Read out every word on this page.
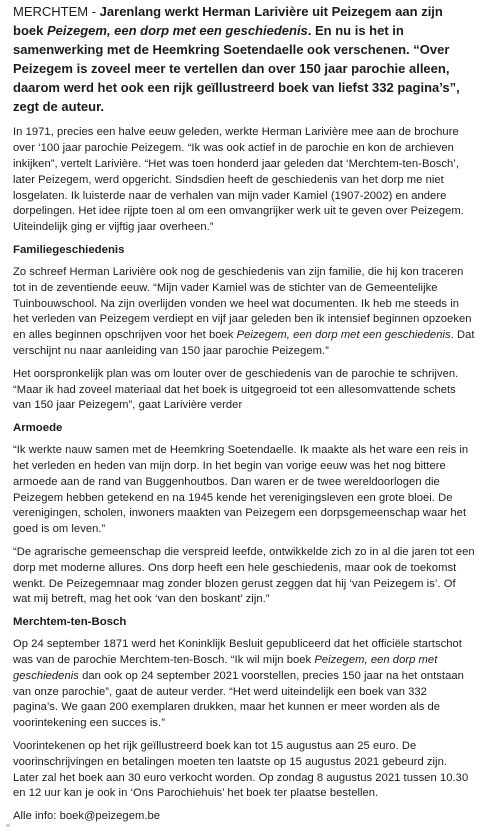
MERCHTEM - Jarenlang werkt Herman Larivière uit Peizegem aan zijn boek Peizegem, een dorp met een geschiedenis. En nu is het in samenwerking met de Heemkring Soetendaelle ook verschenen. “Over Peizegem is zoveel meer te vertellen dan over 150 jaar parochie alleen, daarom werd het ook een rijk geïllustreerd boek van liefst 332 pagina’s”, zegt de auteur.

In 1971, precies een halve eeuw geleden, werkte Herman Larivière mee aan de brochure over ‘100 jaar parochie Peizegem. “Ik was ook actief in de parochie en kon de archieven inkijken”, vertelt Larivière. “Het was toen honderd jaar geleden dat ‘Merchtem-ten-Bosch’, later Peizegem, werd opgericht. Sindsdien heeft de geschiedenis van het dorp me niet losgelaten. Ik luisterde naar de verhalen van mijn vader Kamiel (1907-2002) en andere dorpelingen. Het idee rijpte toen al om een omvangrijker werk uit te geven over Peizegem. Uiteindelijk ging er vijftig jaar overheen.”

Familiegeschiedenis

Zo schreef Herman Larivière ook nog de geschiedenis van zijn familie, die hij kon traceren tot in de zeventiende eeuw. “Mijn vader Kamiel was de stichter van de Gemeentelijke Tuinbouwschool. Na zijn overlijden vonden we heel wat documenten. Ik heb me steeds in het verleden van Peizegem verdiept en vijf jaar geleden ben ik intensief beginnen opzoeken en alles beginnen opschrijven voor het boek Peizegem, een dorp met een geschiedenis. Dat verschijnt nu naar aanleiding van 150 jaar parochie Peizegem.”

Het oorspronkelijk plan was om louter over de geschiedenis van de parochie te schrijven. “Maar ik had zoveel materiaal dat het boek is uitgegroeid tot een allesomvattende schets van 150 jaar Peizegem”, gaat Larivière verder

Armoede

“Ik werkte nauw samen met de Heemkring Soetendaelle. Ik maakte als het ware een reis in het verleden en heden van mijn dorp. In het begin van vorige eeuw was het nog bittere armoede aan de rand van Buggenhoutbos. Dan waren er de twee wereldoorlogen die Peizegem hebben getekend en na 1945 kende het verenigingsleven een grote bloei. De verenigingen, scholen, inwoners maakten van Peizegem een dorpsgemeenschap waar het goed is om leven.”

“De agrarische gemeenschap die verspreid leefde, ontwikkelde zich zo in al die jaren tot een dorp met moderne allures. Ons dorp heeft een hele geschiedenis, maar ook de toekomst wenkt. De Peizegemnaar mag zonder blozen gerust zeggen dat hij ‘van Peizegem is’. Of wat mij betreft, mag het ook ‘van den boskant’ zijn.”

Merchtem-ten-Bosch

Op 24 september 1871 werd het Koninklijk Besluit gepubliceerd dat het officiële startschot was van de parochie Merchtem-ten-Bosch. “Ik wil mijn boek Peizegem, een dorp met geschiedenis dan ook op 24 september 2021 voorstellen, precies 150 jaar na het ontstaan van onze parochie”, gaat de auteur verder. “Het werd uiteindelijk een boek van 332 pagina’s. We gaan 200 exemplaren drukken, maar het kunnen er meer worden als de voorintekening een succes is.”

Voorintekenen op het rijk geïllustreerd boek kan tot 15 augustus aan 25 euro. De voorinschrijvingen en betalingen moeten ten laatste op 15 augustus 2021 gebeurd zijn. Later zal het boek aan 30 euro verkocht worden. Op zondag 8 augustus 2021 tussen 10.30 en 12 uur kan je ook in ‘Ons Parochiehuis’ het boek ter plaatse bestellen.

Alle info: boek@peizegem.be
